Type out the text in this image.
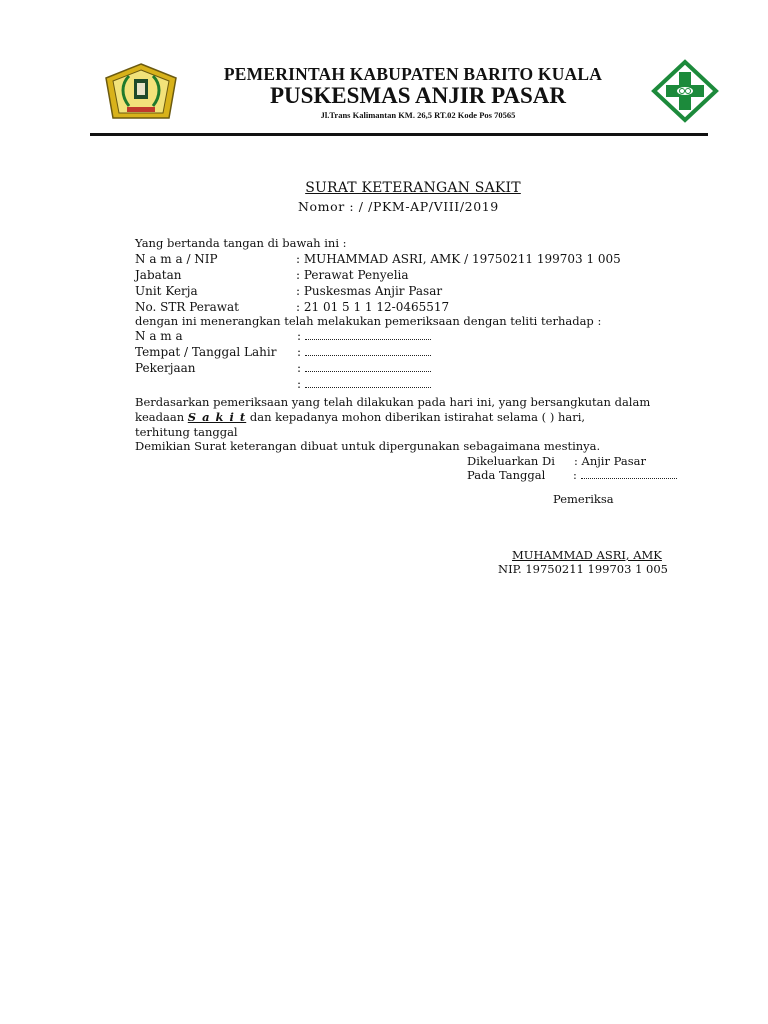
PEMERINTAH KABUPATEN BARITO KUALA
PUSKESMAS ANJIR PASAR
Jl.Trans Kalimantan KM. 26,5 RT.02 Kode Pos 70565
SURAT KETERANGAN SAKIT
Nomor : / /PKM-AP/VIII/2019
Yang bertanda tangan di bawah ini :
N a m a / NIP	: MUHAMMAD ASRI, AMK / 19750211 199703 1 005
Jabatan	: Perawat Penyelia
Unit Kerja	: Puskesmas Anjir Pasar
No. STR Perawat	: 21 01 5 1 1 12-0465517
dengan ini menerangkan telah melakukan pemeriksaan dengan teliti terhadap :
N a m a	:
Tempat / Tanggal Lahir :
Pekerjaan	:
:
Berdasarkan pemeriksaan yang telah dilakukan pada hari ini, yang bersangkutan dalam
keadaan S a k i t dan kepadanya mohon diberikan istirahat selama ( ) hari,
terhitung tanggal
Demikian Surat keterangan dibuat untuk dipergunakan sebagaimana mestinya.
Dikeluarkan Di : Anjir Pasar
Pada Tanggal :
Pemeriksa
MUHAMMAD ASRI, AMK
NIP. 19750211 199703 1 005
